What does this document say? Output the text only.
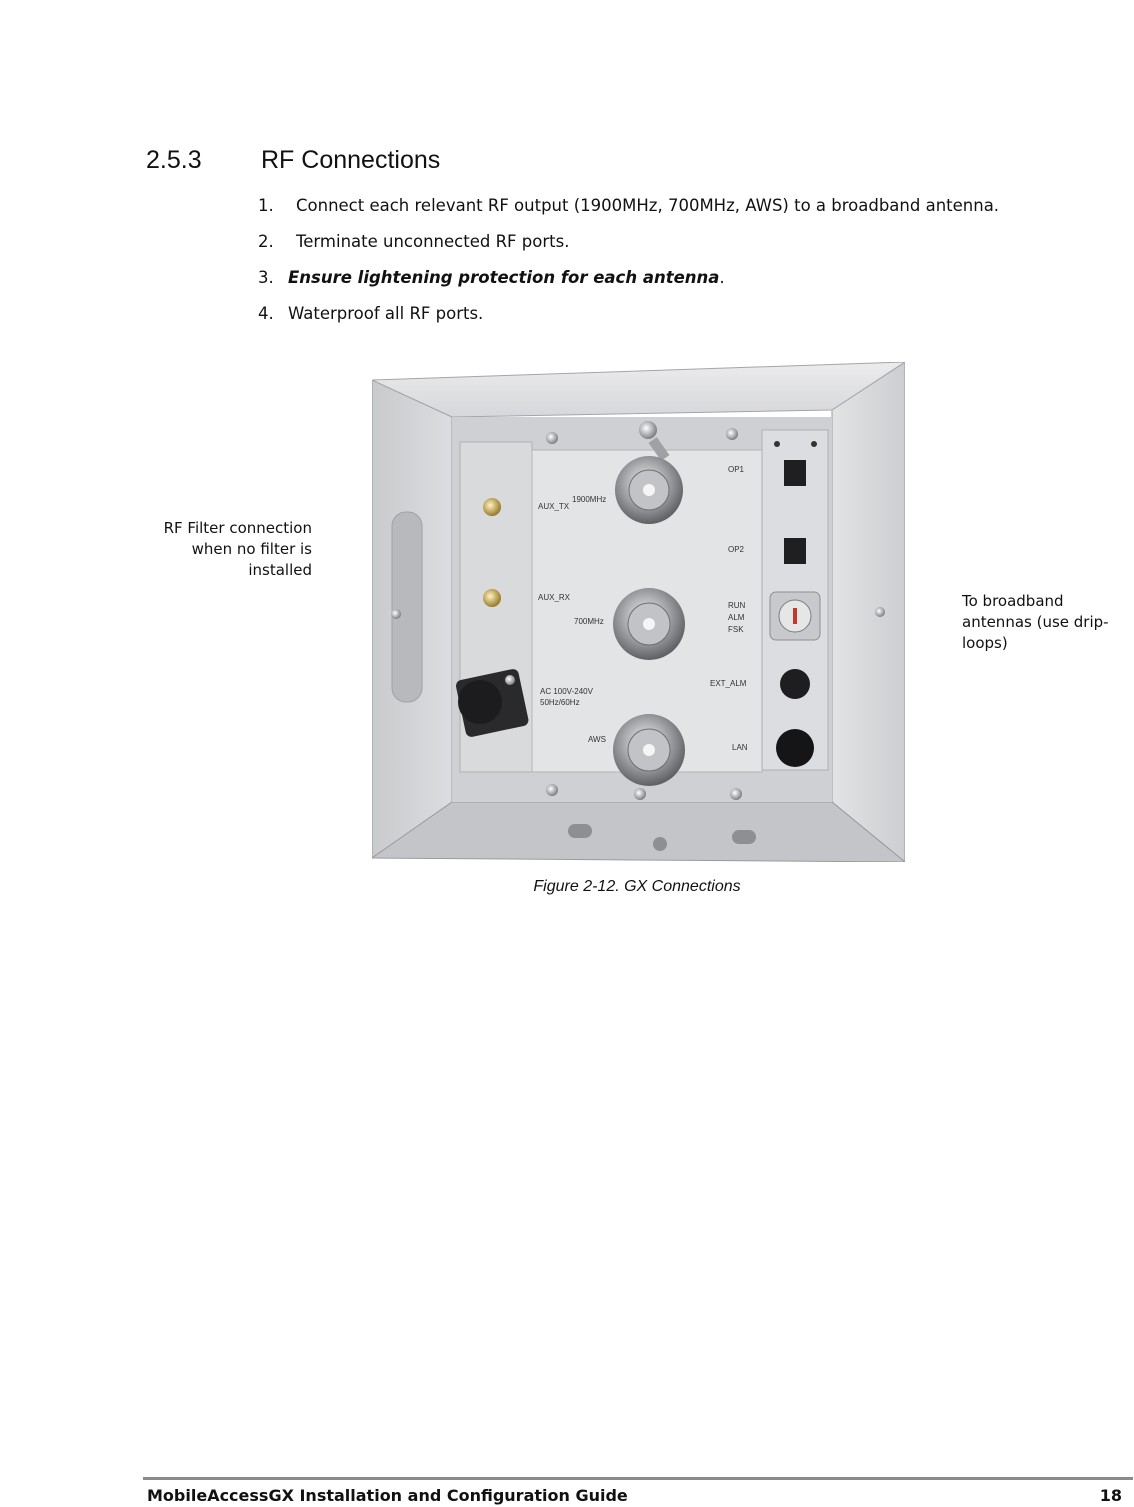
2.5.3 RF Connections
1. Connect each relevant RF output (1900MHz, 700MHz, AWS) to a broadband antenna.
2. Terminate unconnected RF ports.
3. Ensure lightening protection for each antenna.
4. Waterproof all RF ports.
RF Filter connection
when no filter is
installed
To broadband
antennas (use drip-
loops)
AUX_TX
1900MHz
AUX_RX
700MHz
AC 100V-240V
50Hz/60Hz
AWS
OP1
OP2
RUN
ALM
FSK
EXT_ALM
LAN
Figure 2-12. GX Connections
MobileAccessGX Installation and Configuration Guide	18
